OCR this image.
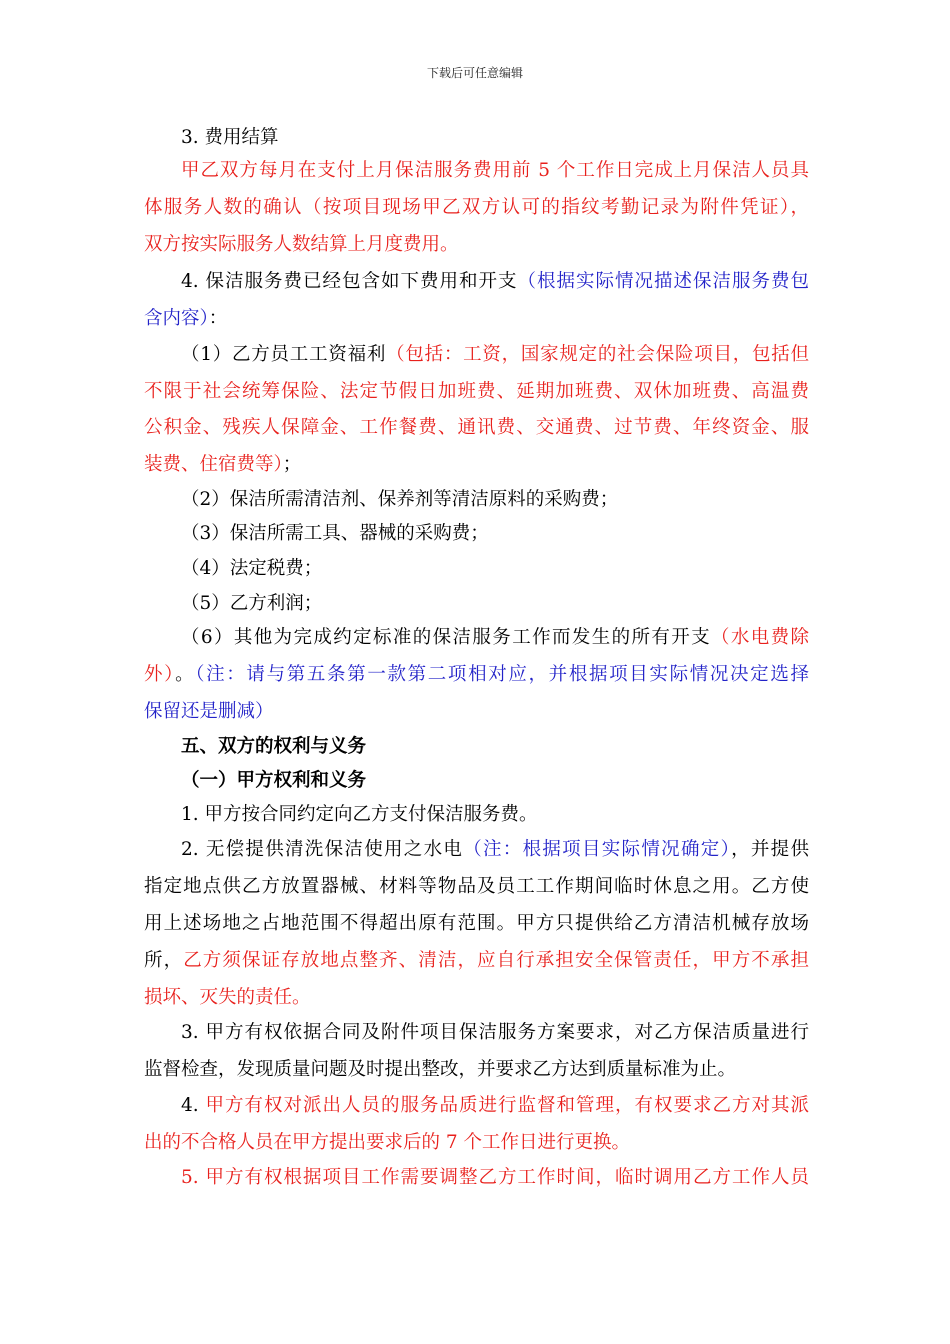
下载后可任意编辑
3. 费用结算
甲乙双方每月在支付上月保洁服务费用前 5 个工作日完成上月保洁人员具
体服务人数的确认（按项目现场甲乙双方认可的指纹考勤记录为附件凭证），
双方按实际服务人数结算上月度费用。
4. 保洁服务费已经包含如下费用和开支（根据实际情况描述保洁服务费包
含内容）：
（1）乙方员工工资福利（包括：工资，国家规定的社会保险项目，包括但
不限于社会统筹保险、法定节假日加班费、延期加班费、双休加班费、高温费
公积金、残疾人保障金、工作餐费、通讯费、交通费、过节费、年终资金、服
装费、住宿费等）；
（2）保洁所需清洁剂、保养剂等清洁原料的采购费；
（3）保洁所需工具、器械的采购费；
（4）法定税费；
（5）乙方利润；
（6）其他为完成约定标准的保洁服务工作而发生的所有开支（水电费除
外）。（注：请与第五条第一款第二项相对应，并根据项目实际情况决定选择
保留还是删减）
五、双方的权利与义务
（一）甲方权利和义务
1. 甲方按合同约定向乙方支付保洁服务费。
2. 无偿提供清洗保洁使用之水电（注：根据项目实际情况确定），并提供
指定地点供乙方放置器械、材料等物品及员工工作期间临时休息之用。乙方使
用上述场地之占地范围不得超出原有范围。甲方只提供给乙方清洁机械存放场
所，乙方须保证存放地点整齐、清洁，应自行承担安全保管责任，甲方不承担
损坏、灭失的责任。
3. 甲方有权依据合同及附件项目保洁服务方案要求，对乙方保洁质量进行
监督检查，发现质量问题及时提出整改，并要求乙方达到质量标准为止。
4. 甲方有权对派出人员的服务品质进行监督和管理，有权要求乙方对其派
出的不合格人员在甲方提出要求后的 7 个工作日进行更换。
5. 甲方有权根据项目工作需要调整乙方工作时间，临时调用乙方工作人员
